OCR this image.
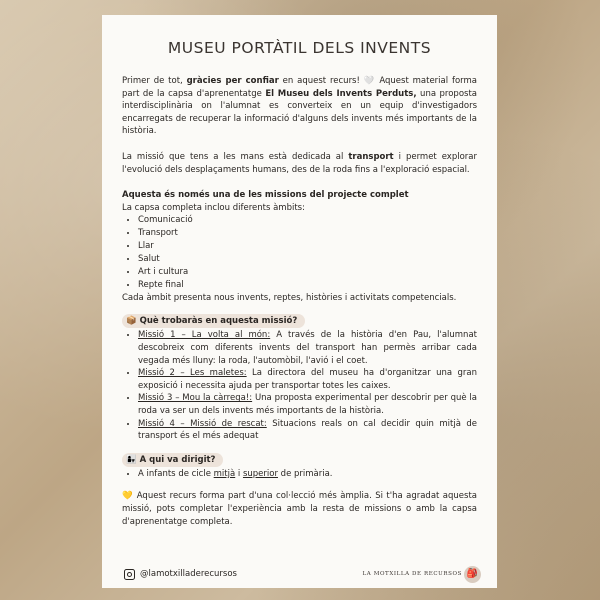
MUSEU PORTÀTIL DELS INVENTS

Primer de tot, gràcies per confiar en aquest recurs! 🤍 Aquest material forma part de la capsa d'aprenentatge El Museu dels Invents Perduts, una proposta interdisciplinària on l'alumnat es converteix en un equip d'investigadors encarregats de recuperar la informació d'alguns dels invents més importants de la història.

La missió que tens a les mans està dedicada al transport i permet explorar l'evolució dels desplaçaments humans, des de la roda fins a l'exploració espacial.

Aquesta és només una de les missions del projecte complet
La capsa completa inclou diferents àmbits:
• Comunicació
• Transport
• Llar
• Salut
• Art i cultura
• Repte final
Cada àmbit presenta nous invents, reptes, històries i activitats competencials.
📦 Què trobaràs en aquesta missió?

• Missió 1 – La volta al món: A través de la història d'en Pau, l'alumnat descobreix com diferents invents del transport han permès arribar cada vegada més lluny: la roda, l'automòbil, l'avió i el coet.

• Missió 2 – Les maletes: La directora del museu ha d'organitzar una gran exposició i necessita ajuda per transportar totes les caixes.

• Missió 3 – Mou la càrrega!: Una proposta experimental per descobrir per què la roda va ser un dels invents més importants de la història.

• Missió 4 – Missió de rescat: Situacions reals on cal decidir quin mitjà de transport és el més adequat

👩‍👧 A qui va dirigit?
• A infants de cicle mitjà i superior de primària.

💛 Aquest recurs forma part d'una col·lecció més àmplia. Si t'ha agradat aquesta missió, pots completar l'experiència amb la resta de missions o amb la capsa d'aprenentatge completa.

@lamotxilladerecursos	LA MOTXILLA DE RECURSOS 🎒
